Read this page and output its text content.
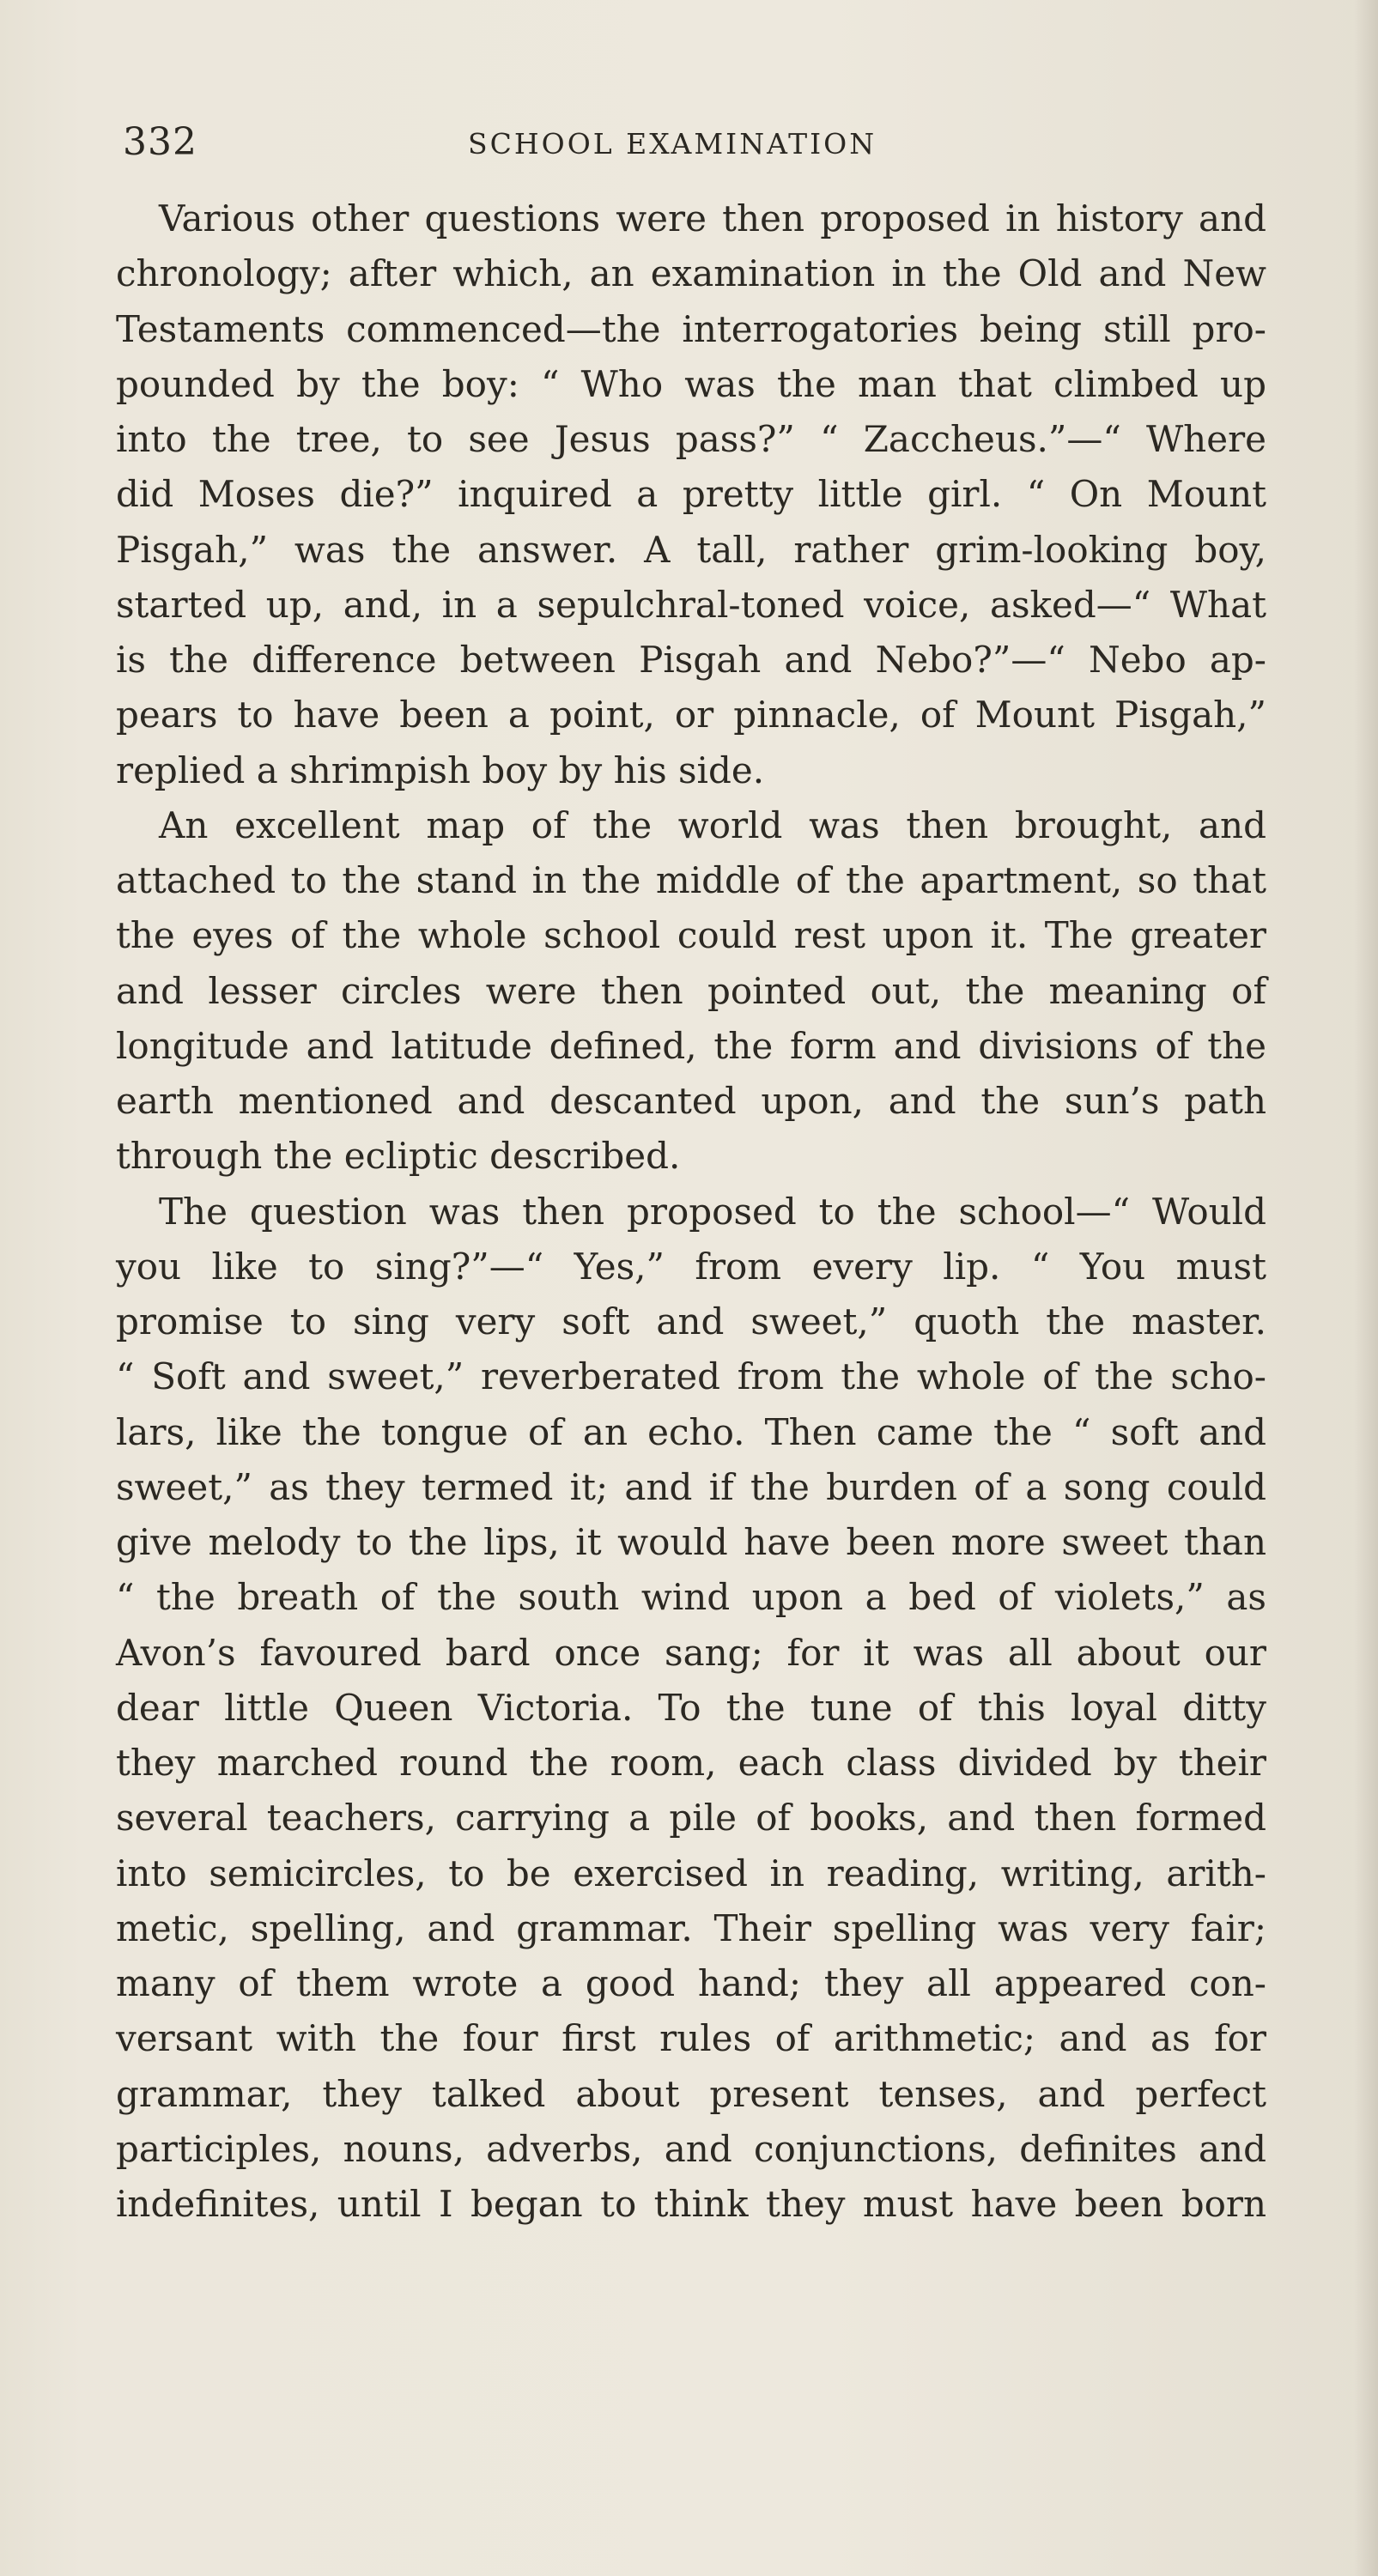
332	SCHOOL EXAMINATION
Various other questions were then proposed in history and
chronology; after which, an examination in the Old and New
Testaments commenced—the interrogatories being still pro-
pounded by the boy: “ Who was the man that climbed up
into the tree, to see Jesus pass?” “ Zaccheus.”—“ Where
did Moses die?” inquired a pretty little girl. “ On Mount
Pisgah,” was the answer. A tall, rather grim-looking boy,
started up, and, in a sepulchral-toned voice, asked—“ What
is the difference between Pisgah and Nebo?”—“ Nebo ap-
pears to have been a point, or pinnacle, of Mount Pisgah,”
replied a shrimpish boy by his side.
An excellent map of the world was then brought, and
attached to the stand in the middle of the apartment, so that
the eyes of the whole school could rest upon it. The greater
and lesser circles were then pointed out, the meaning of
longitude and latitude defined, the form and divisions of the
earth mentioned and descanted upon, and the sun’s path
through the ecliptic described.
The question was then proposed to the school—“ Would
you like to sing?”—“ Yes,” from every lip. “ You must
promise to sing very soft and sweet,” quoth the master.
“ Soft and sweet,” reverberated from the whole of the scho-
lars, like the tongue of an echo. Then came the “ soft and
sweet,” as they termed it; and if the burden of a song could
give melody to the lips, it would have been more sweet than
“ the breath of the south wind upon a bed of violets,” as
Avon’s favoured bard once sang; for it was all about our
dear little Queen Victoria. To the tune of this loyal ditty
they marched round the room, each class divided by their
several teachers, carrying a pile of books, and then formed
into semicircles, to be exercised in reading, writing, arith-
metic, spelling, and grammar. Their spelling was very fair;
many of them wrote a good hand; they all appeared con-
versant with the four first rules of arithmetic; and as for
grammar, they talked about present tenses, and perfect
participles, nouns, adverbs, and conjunctions, definites and
indefinites, until I began to think they must have been born
